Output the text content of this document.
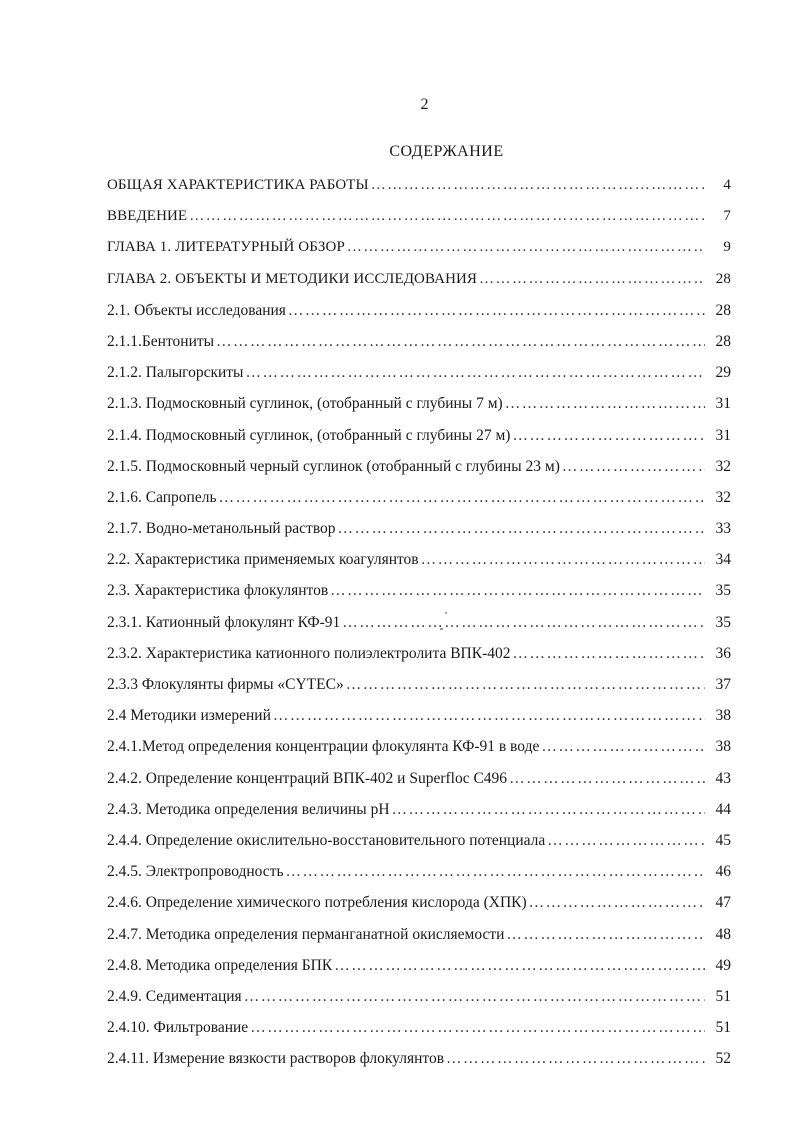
2
СОДЕРЖАНИЕ
ОБЩАЯ ХАРАКТЕРИСТИКА РАБОТЫ …………………………………………………………………………………………………………………………………………………………………………	4
ВВЕДЕНИЕ …………………………………………………………………………………………………………………………………………………………………………	7
ГЛАВА 1. ЛИТЕРАТУРНЫЙ ОБЗОР …………………………………………………………………………………………………………………………………………………………………………	9
ГЛАВА 2. ОБЪЕКТЫ И МЕТОДИКИ ИССЛЕДОВАНИЯ …………………………………………………………………………………………………………………………………………………………………………	28
2.1. Объекты исследования …………………………………………………………………………………………………………………………………………………………………………	28
2.1.1.Бентониты …………………………………………………………………………………………………………………………………………………………………………	28
2.1.2. Палыгорскиты …………………………………………………………………………………………………………………………………………………………………………	29
2.1.3. Подмосковный суглинок, (отобранный с глубины 7 м) …………………………………………………………………………………………………………………………………………………………………………	31
2.1.4. Подмосковный суглинок, (отобранный с глубины 27 м) …………………………………………………………………………………………………………………………………………………………………………	31
2.1.5. Подмосковный черный суглинок (отобранный с глубины 23 м) …………………………………………………………………………………………………………………………………………………………………………	32
2.1.6. Сапропель …………………………………………………………………………………………………………………………………………………………………………	32
2.1.7. Водно-метанольный раствор …………………………………………………………………………………………………………………………………………………………………………	33
2.2. Характеристика применяемых коагулянтов …………………………………………………………………………………………………………………………………………………………………………	34
2.3. Характеристика флокулянтов …………………………………………………………………………………………………………………………………………………………………………	35
2.3.1. Катионный флокулянт КФ-91 …………………………………………………………………………………………………………………………………………………………………………	35
2.3.2. Характеристика катионного полиэлектролита ВПК-402 …………………………………………………………………………………………………………………………………………………………………………	36
2.3.3 Флокулянты фирмы «CYTEC» …………………………………………………………………………………………………………………………………………………………………………	37
2.4 Методики измерений …………………………………………………………………………………………………………………………………………………………………………	38
2.4.1.Метод определения концентрации флокулянта КФ-91 в воде …………………………………………………………………………………………………………………………………………………………………………	38
2.4.2. Определение концентраций ВПК-402 и Superfloc C496 …………………………………………………………………………………………………………………………………………………………………………	43
2.4.3. Методика определения величины pH …………………………………………………………………………………………………………………………………………………………………………	44
2.4.4. Определение окислительно-восстановительного потенциала …………………………………………………………………………………………………………………………………………………………………………	45
2.4.5. Электропроводность …………………………………………………………………………………………………………………………………………………………………………	46
2.4.6. Определение химического потребления кислорода (ХПК) …………………………………………………………………………………………………………………………………………………………………………	47
2.4.7. Методика определения перманганатной окисляемости …………………………………………………………………………………………………………………………………………………………………………	48
2.4.8. Методика определения БПК …………………………………………………………………………………………………………………………………………………………………………	49
2.4.9. Седиментация …………………………………………………………………………………………………………………………………………………………………………	51
2.4.10. Фильтрование …………………………………………………………………………………………………………………………………………………………………………	51
2.4.11. Измерение вязкости растворов флокулянтов …………………………………………………………………………………………………………………………………………………………………………	52
